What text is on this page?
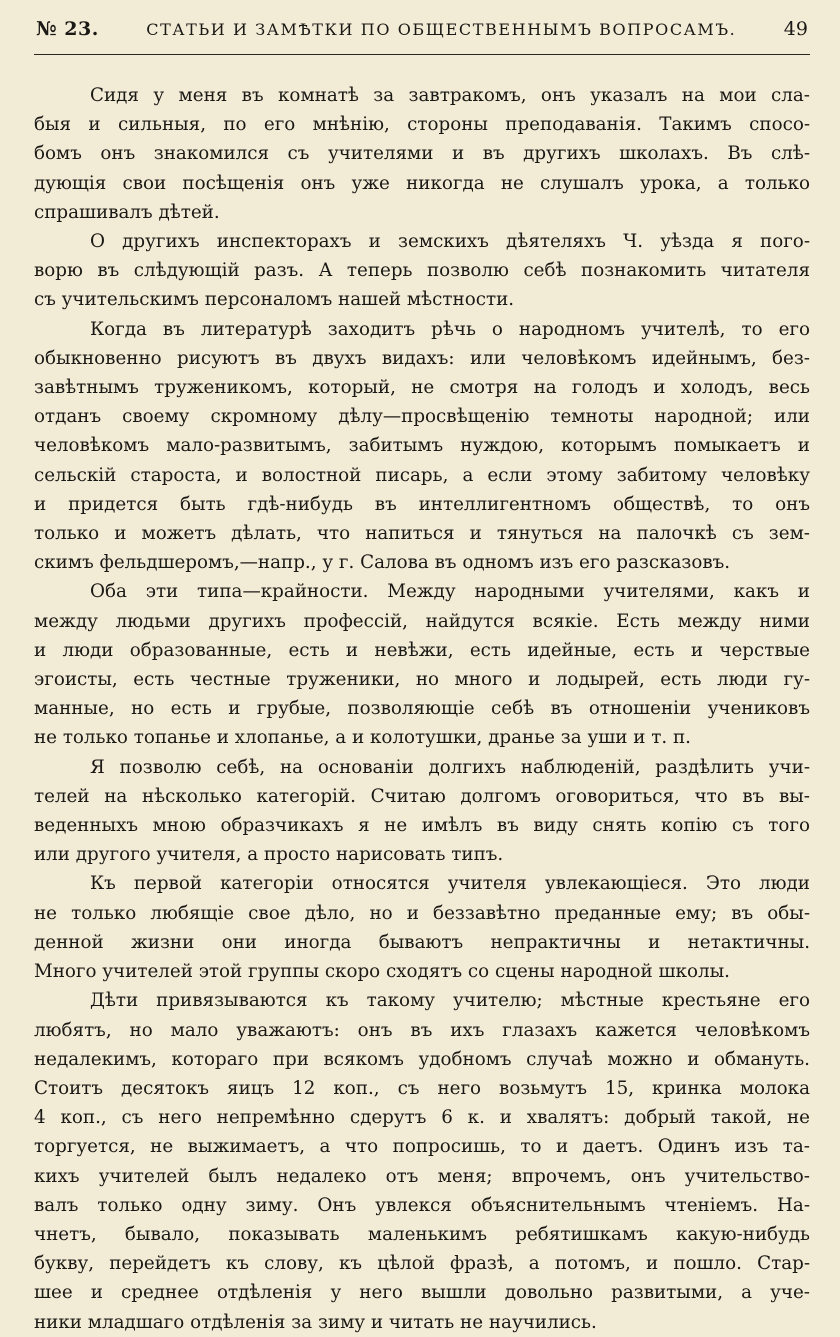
№ 23.	СТАТЬИ И ЗАМѢТКИ ПО ОБЩЕСТВЕННЫМЪ ВОПРОСАМЪ. 49

Сидя у меня въ комнатѣ за завтракомъ, онъ указалъ на мои сла-

быя и сильныя, по его мнѣнію, стороны преподаванія. Такимъ спосо-

бомъ онъ знакомился съ учителями и въ другихъ школахъ. Въ слѣ-

дующія свои посѣщенія онъ уже никогда не слушалъ урока, а только

спрашивалъ дѣтей.

О другихъ инспекторахъ и земскихъ дѣятеляхъ Ч. уѣзда я пого-

ворю въ слѣдующій разъ. А теперь позволю себѣ познакомить читателя

съ учительскимъ персоналомъ нашей мѣстности.

Когда въ литературѣ заходитъ рѣчь о народномъ учителѣ, то его

обыкновенно рисуютъ въ двухъ видахъ: или человѣкомъ идейнымъ, без-

завѣтнымъ труженикомъ, который, не смотря на голодъ и холодъ, весь

отданъ своему скромному дѣлу—просвѣщенію темноты народной; или

человѣкомъ мало-развитымъ, забитымъ нуждою, которымъ помыкаетъ и

сельскій староста, и волостной писарь, а если этому забитому человѣку

и придется быть гдѣ-нибудь въ интеллигентномъ обществѣ, то онъ

только и можетъ дѣлать, что напиться и тянуться на палочкѣ съ зем-

скимъ фельдшеромъ,—напр., у г. Салова въ одномъ изъ его разсказовъ.

Оба эти типа—крайности. Между народными учителями, какъ и

между людьми другихъ профессій, найдутся всякіе. Есть между ними

и люди образованные, есть и невѣжи, есть идейные, есть и черствые

эгоисты, есть честные труженики, но много и лодырей, есть люди гу-

манные, но есть и грубые, позволяющіе себѣ въ отношеніи учениковъ

не только топанье и хлопанье, а и колотушки, дранье за уши и т. п.

Я позволю себѣ, на основаніи долгихъ наблюденій, раздѣлить учи-

телей на нѣсколько категорій. Считаю долгомъ оговориться, что въ вы-

веденныхъ мною образчикахъ я не имѣлъ въ виду снять копію съ того

или другого учителя, а просто нарисовать типъ.

Къ первой категоріи относятся учителя увлекающіеся. Это люди

не только любящіе свое дѣло, но и беззавѣтно преданные ему; въ обы-

денной жизни они иногда бываютъ непрактичны и нетактичны.

Много учителей этой группы скоро сходятъ со сцены народной школы.

Дѣти привязываются къ такому учителю; мѣстные крестьяне его

любятъ, но мало уважаютъ: онъ въ ихъ глазахъ кажется человѣкомъ

недалекимъ, котораго при всякомъ удобномъ случаѣ можно и обмануть.

Стоитъ десятокъ яицъ 12 коп., съ него возьмутъ 15, кринка молока

4 коп., съ него непремѣнно сдерутъ 6 к. и хвалятъ: добрый такой, не

торгуется, не выжимаетъ, а что попросишь, то и даетъ. Одинъ изъ та-

кихъ учителей былъ недалеко отъ меня; впрочемъ, онъ учительство-

валъ только одну зиму. Онъ увлекся объяснительнымъ чтеніемъ. На-

чнетъ, бывало, показывать маленькимъ ребятишкамъ какую-нибудь

букву, перейдетъ къ слову, къ цѣлой фразѣ, а потомъ, и пошло. Стар-

шее и среднее отдѣленія у него вышли довольно развитыми, а уче-

ники младшаго отдѣленія за зиму и читать не научились.
